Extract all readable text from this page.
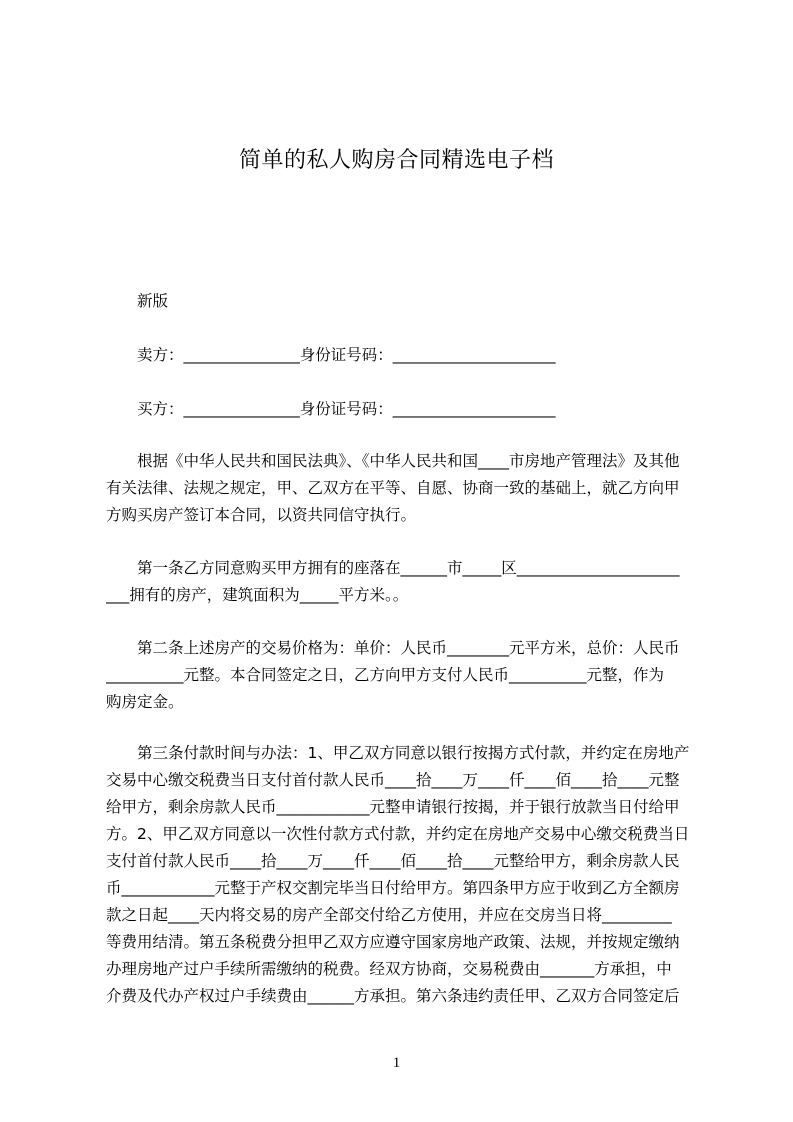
简单的私人购房合同精选电子档
新版
卖方：_______________身份证号码：_____________________
买方：_______________身份证号码：_____________________
根据《中华人民共和国民法典》、《中华人民共和国____市房地产管理法》及其他
有关法律、法规之规定，甲、乙双方在平等、自愿、协商一致的基础上，就乙方向甲
方购买房产签订本合同，以资共同信守执行。
第一条乙方同意购买甲方拥有的座落在______市_____区_____________________
___拥有的房产，建筑面积为_____平方米。。
第二条上述房产的交易价格为：单价：人民币________元平方米，总价：人民币
__________元整。本合同签定之日，乙方向甲方支付人民币__________元整，作为
购房定金。
第三条付款时间与办法：1、甲乙双方同意以银行按揭方式付款，并约定在房地产
交易中心缴交税费当日支付首付款人民币____拾____万____仟____佰____拾____元整
给甲方，剩余房款人民币____________元整申请银行按揭，并于银行放款当日付给甲
方。2、甲乙双方同意以一次性付款方式付款，并约定在房地产交易中心缴交税费当日
支付首付款人民币____拾____万____仟____佰____拾____元整给甲方，剩余房款人民
币____________元整于产权交割完毕当日付给甲方。第四条甲方应于收到乙方全额房
款之日起____天内将交易的房产全部交付给乙方使用，并应在交房当日将_________
等费用结清。第五条税费分担甲乙双方应遵守国家房地产政策、法规，并按规定缴纳
办理房地产过户手续所需缴纳的税费。经双方协商，交易税费由_______方承担，中
介费及代办产权过户手续费由______方承担。第六条违约责任甲、乙双方合同签定后
1
